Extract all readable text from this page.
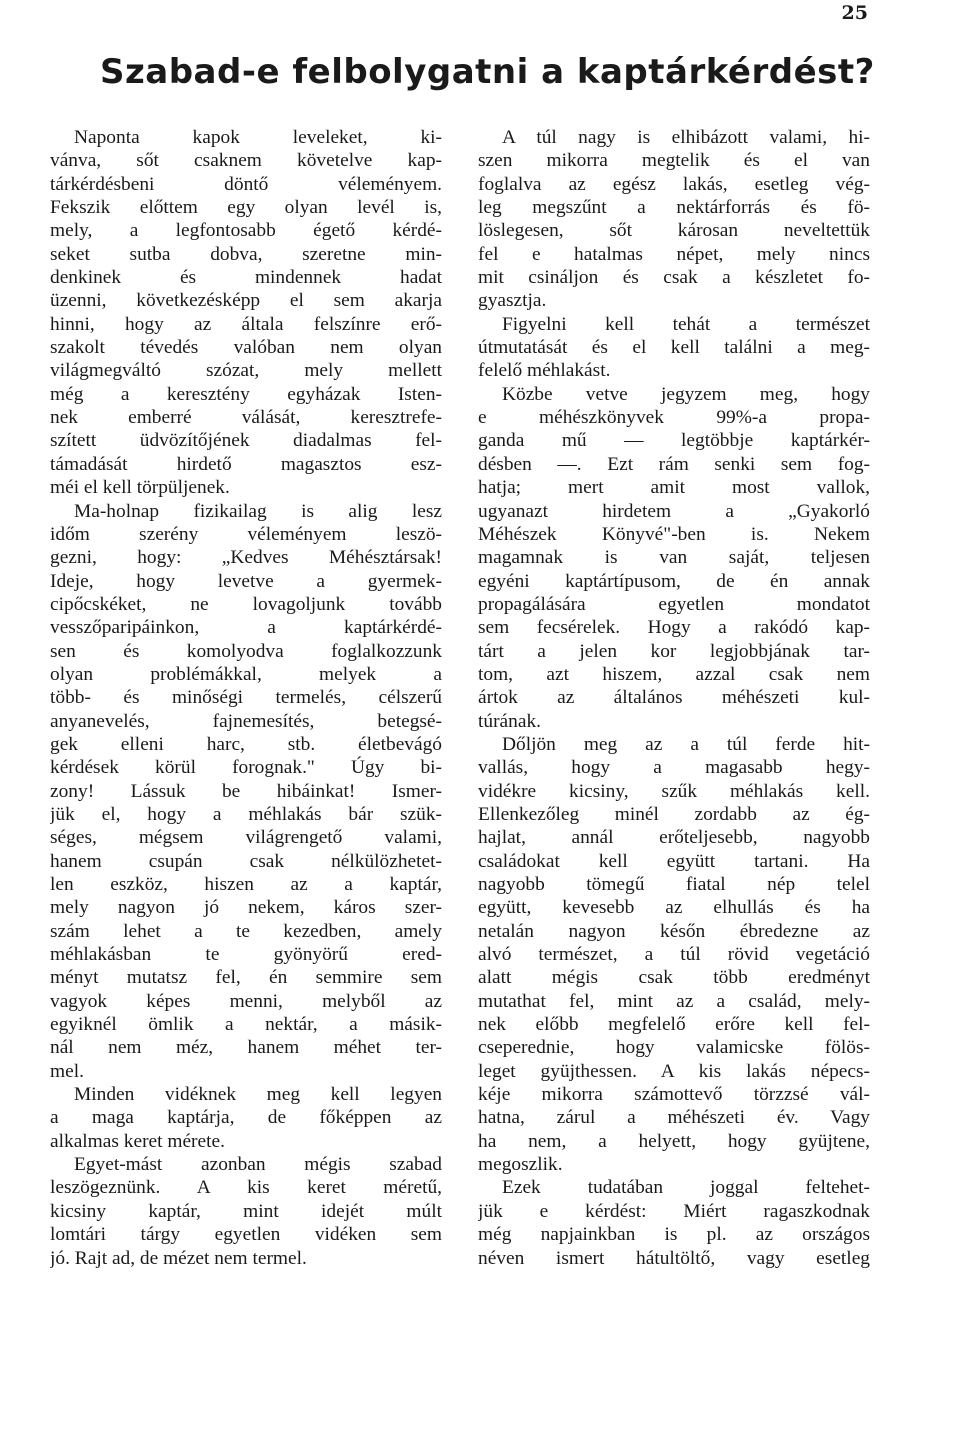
25
Szabad-e felbolygatni a kaptárkérdést?
Naponta kapok leveleket, ki-
vánva, sőt csaknem követelve kap-
tárkérdésbeni döntő véleményem.
Fekszik előttem egy olyan levél is,
mely, a legfontosabb égető kérdé-
seket sutba dobva, szeretne min-
denkinek és mindennek hadat
üzenni, következésképp el sem akarja
hinni, hogy az általa felszínre erő-
szakolt tévedés valóban nem olyan
világmegváltó szózat, mely mellett
még a keresztény egyházak Isten-
nek emberré válását, keresztrefe-
szített üdvözítőjének diadalmas fel-
támadását hirdető magasztos esz-
méi el kell törpüljenek.
Ma-holnap fizikailag is alig lesz
időm szerény véleményem leszö-
gezni, hogy: „Kedves Méhésztársak!
Ideje, hogy levetve a gyermek-
cipőcskéket, ne lovagoljunk tovább
vesszőparipáinkon, a kaptárkérdé-
sen és komolyodva foglalkozzunk
olyan problémákkal, melyek a
több- és minőségi termelés, célszerű
anyanevelés, fajnemesítés, betegsé-
gek elleni harc, stb. életbevágó
kérdések körül forognak." Úgy bi-
zony! Lássuk be hibáinkat! Ismer-
jük el, hogy a méhlakás bár szük-
séges, mégsem világrengető valami,
hanem csupán csak nélkülözhetet-
len eszköz, hiszen az a kaptár,
mely nagyon jó nekem, káros szer-
szám lehet a te kezedben, amely
méhlakásban te gyönyörű ered-
ményt mutatsz fel, én semmire sem
vagyok képes menni, melyből az
egyiknél ömlik a nektár, a másik-
nál nem méz, hanem méhet ter-
mel.
Minden vidéknek meg kell legyen
a maga kaptárja, de főképpen az
alkalmas keret mérete.
Egyet-mást azonban mégis szabad
leszögeznünk. A kis keret méretű,
kicsiny kaptár, mint idejét múlt
lomtári tárgy egyetlen vidéken sem
jó. Rajt ad, de mézet nem termel.
A túl nagy is elhibázott valami, hi-
szen mikorra megtelik és el van
foglalva az egész lakás, esetleg vég-
leg megszűnt a nektárforrás és fö-
löslegesen, sőt károsan neveltettük
fel e hatalmas népet, mely nincs
mit csináljon és csak a készletet fo-
gyasztja.
Figyelni kell tehát a természet
útmutatását és el kell találni a meg-
felelő méhlakást.
Közbe vetve jegyzem meg, hogy
e méhészkönyvek 99%-a propa-
ganda mű — legtöbbje kaptárkér-
désben —. Ezt rám senki sem fog-
hatja; mert amit most vallok,
ugyanazt hirdetem a „Gyakorló
Méhészek Könyvé"-ben is. Nekem
magamnak is van saját, teljesen
egyéni kaptártípusom, de én annak
propagálására egyetlen mondatot
sem fecsérelek. Hogy a rakódó kap-
tárt a jelen kor legjobbjának tar-
tom, azt hiszem, azzal csak nem
ártok az általános méhészeti kul-
túrának.
Dőljön meg az a túl ferde hit-
vallás, hogy a magasabb hegy-
vidékre kicsiny, szűk méhlakás kell.
Ellenkezőleg minél zordabb az ég-
hajlat, annál erőteljesebb, nagyobb
családokat kell együtt tartani. Ha
nagyobb tömegű fiatal nép telel
együtt, kevesebb az elhullás és ha
netalán nagyon későn ébredezne az
alvó természet, a túl rövid vegetáció
alatt mégis csak több eredményt
mutathat fel, mint az a család, mely-
nek előbb megfelelő erőre kell fel-
cseperednie, hogy valamicske fölös-
leget gyüjthessen. A kis lakás népecs-
kéje mikorra számottevő törzzsé vál-
hatna, zárul a méhészeti év. Vagy
ha nem, a helyett, hogy gyüjtene,
megoszlik.
Ezek tudatában joggal feltehet-
jük e kérdést: Miért ragaszkodnak
még napjainkban is pl. az országos
néven ismert hátultöltő, vagy esetleg
